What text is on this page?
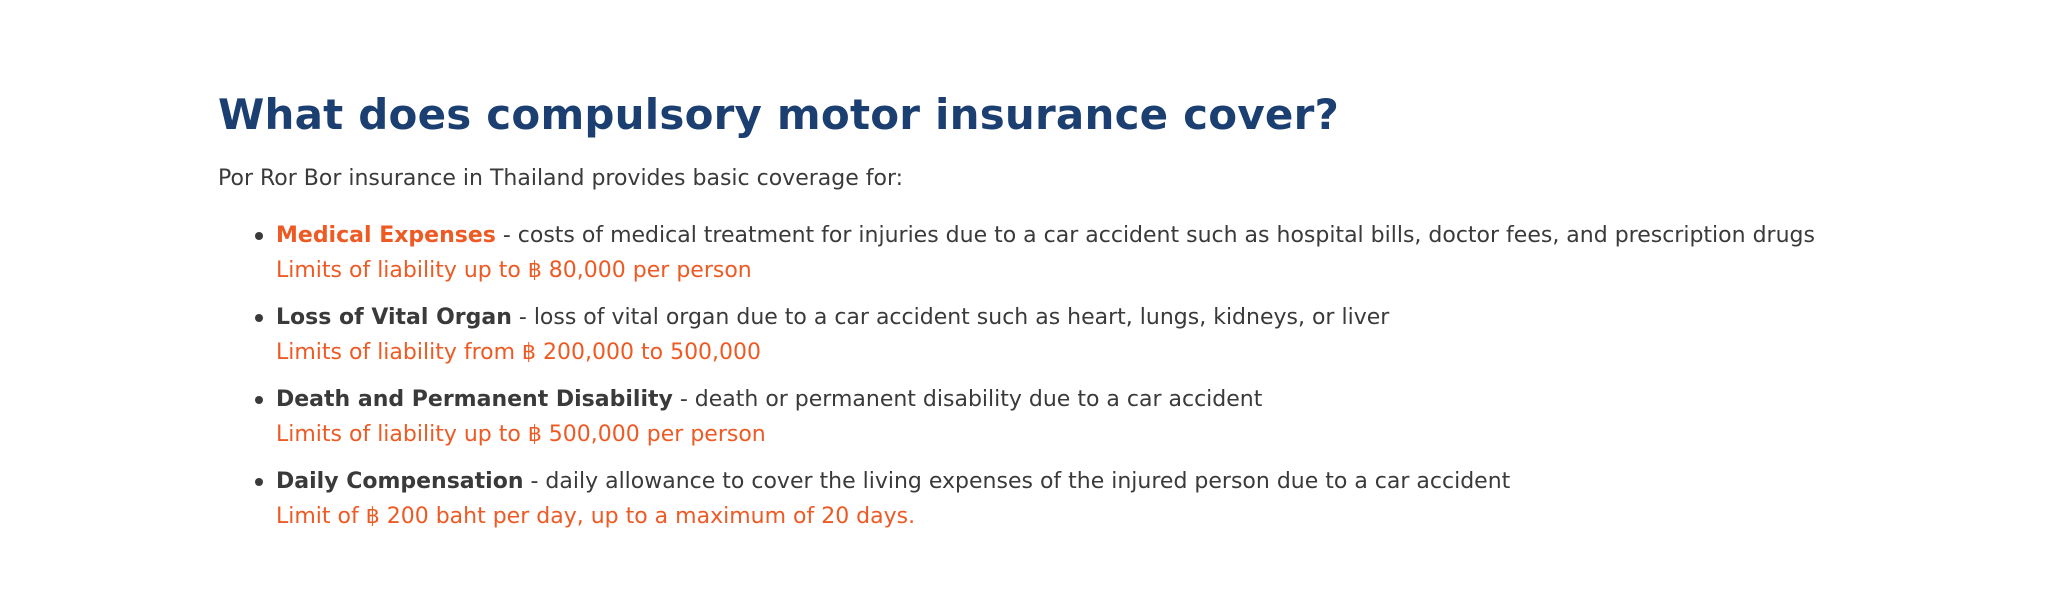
What does compulsory motor insurance cover?

Por Ror Bor insurance in Thailand provides basic coverage for:

Medical Expenses - costs of medical treatment for injuries due to a car accident such as hospital bills, doctor fees, and prescription drugs
Limits of liability up to ฿ 80,000 per person
Loss of Vital Organ - loss of vital organ due to a car accident such as heart, lungs, kidneys, or liver
Limits of liability from ฿ 200,000 to 500,000
Death and Permanent Disability - death or permanent disability due to a car accident
Limits of liability up to ฿ 500,000 per person
Daily Compensation - daily allowance to cover the living expenses of the injured person due to a car accident
Limit of ฿ 200 baht per day, up to a maximum of 20 days.
